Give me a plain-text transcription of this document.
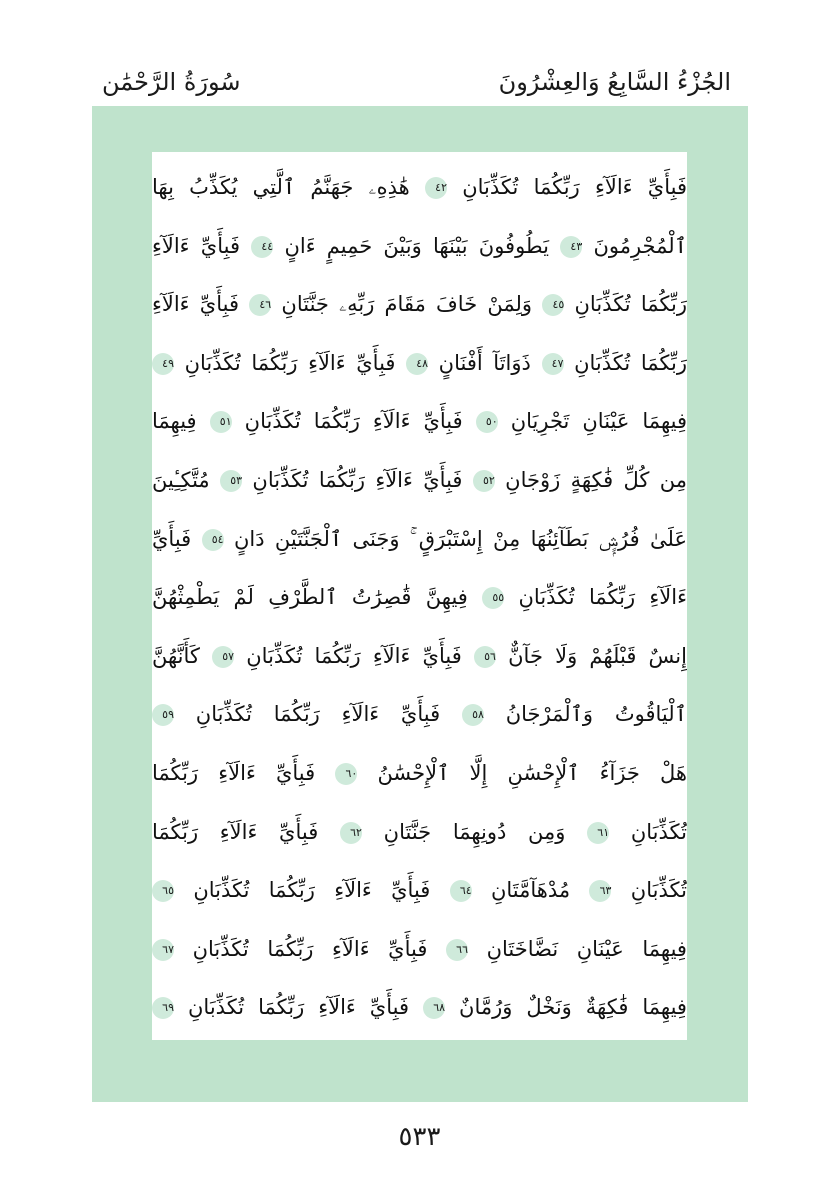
الجُزْءُ السَّابِعُ وَالعِشْرُونَ
سُورَةُ الرَّحْمَٰن
فَبِأَيِّ ءَالَآءِ رَبِّكُمَا تُكَذِّبَانِ ٤٢ هَٰذِهِۦ جَهَنَّمُ ٱلَّتِي يُكَذِّبُ بِهَا
ٱلْمُجْرِمُونَ ٤٣ يَطُوفُونَ بَيْنَهَا وَبَيْنَ حَمِيمٍ ءَانٍ ٤٤ فَبِأَيِّ ءَالَآءِ
رَبِّكُمَا تُكَذِّبَانِ ٤٥ وَلِمَنْ خَافَ مَقَامَ رَبِّهِۦ جَنَّتَانِ ٤٦ فَبِأَيِّ ءَالَآءِ
رَبِّكُمَا تُكَذِّبَانِ ٤٧ ذَوَاتَآ أَفْنَانٍ ٤٨ فَبِأَيِّ ءَالَآءِ رَبِّكُمَا تُكَذِّبَانِ ٤٩
فِيهِمَا عَيْنَانِ تَجْرِيَانِ ٥٠ فَبِأَيِّ ءَالَآءِ رَبِّكُمَا تُكَذِّبَانِ ٥١ فِيهِمَا
مِن كُلِّ فَٰكِهَةٍ زَوْجَانِ ٥٢ فَبِأَيِّ ءَالَآءِ رَبِّكُمَا تُكَذِّبَانِ ٥٣ مُتَّكِـِٔينَ
عَلَىٰ فُرُشٍۭ بَطَآئِنُهَا مِنْ إِسْتَبْرَقٍ ۚ وَجَنَى ٱلْجَنَّتَيْنِ دَانٍ ٥٤ فَبِأَيِّ
ءَالَآءِ رَبِّكُمَا تُكَذِّبَانِ ٥٥ فِيهِنَّ قَٰصِرَٰتُ ٱلطَّرْفِ لَمْ يَطْمِثْهُنَّ
إِنسٌ قَبْلَهُمْ وَلَا جَآنٌّ ٥٦ فَبِأَيِّ ءَالَآءِ رَبِّكُمَا تُكَذِّبَانِ ٥٧ كَأَنَّهُنَّ
ٱلْيَاقُوتُ وَٱلْمَرْجَانُ ٥٨ فَبِأَيِّ ءَالَآءِ رَبِّكُمَا تُكَذِّبَانِ ٥٩
هَلْ جَزَآءُ ٱلْإِحْسَٰنِ إِلَّا ٱلْإِحْسَٰنُ ٦٠ فَبِأَيِّ ءَالَآءِ رَبِّكُمَا
تُكَذِّبَانِ ٦١ وَمِن دُونِهِمَا جَنَّتَانِ ٦٢ فَبِأَيِّ ءَالَآءِ رَبِّكُمَا
تُكَذِّبَانِ ٦٣ مُدْهَآمَّتَانِ ٦٤ فَبِأَيِّ ءَالَآءِ رَبِّكُمَا تُكَذِّبَانِ ٦٥
فِيهِمَا عَيْنَانِ نَضَّاخَتَانِ ٦٦ فَبِأَيِّ ءَالَآءِ رَبِّكُمَا تُكَذِّبَانِ ٦٧
فِيهِمَا فَٰكِهَةٌ وَنَخْلٌ وَرُمَّانٌ ٦٨ فَبِأَيِّ ءَالَآءِ رَبِّكُمَا تُكَذِّبَانِ ٦٩
٥٣٣
